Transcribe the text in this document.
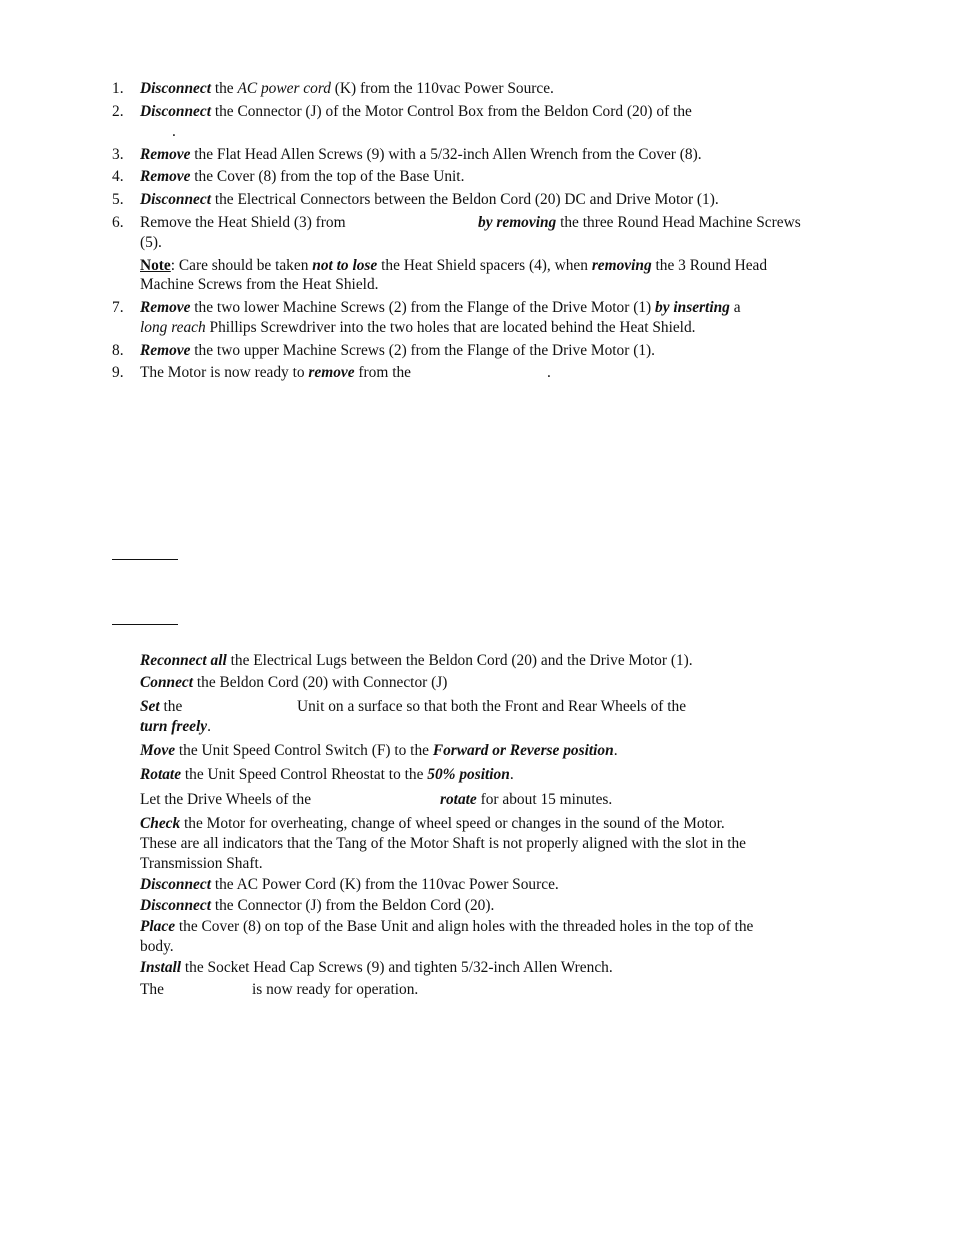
1.	Disconnect the AC power cord (K) from the 110vac Power Source.
2.	Disconnect the Connector (J) of the Motor Control Box from the Beldon Cord (20) of the
.
3.	Remove the Flat Head Allen Screws (9) with a 5/32-inch Allen Wrench from the Cover (8).
4.	Remove the Cover (8) from the top of the Base Unit.
5.	Disconnect the Electrical Connectors between the Beldon Cord (20) DC and Drive Motor (1).
6.	Remove the Heat Shield (3) from	by removing the three Round Head Machine Screws
(5).
Note: Care should be taken not to lose the Heat Shield spacers (4), when removing the 3 Round Head
Machine Screws from the Heat Shield.
7.	Remove the two lower Machine Screws (2) from the Flange of the Drive Motor (1) by inserting a
long reach Phillips Screwdriver into the two holes that are located behind the Heat Shield.
8.	Remove the two upper Machine Screws (2) from the Flange of the Drive Motor (1).
9.	The Motor is now ready to remove from the	.
Reconnect all the Electrical Lugs between the Beldon Cord (20) and the Drive Motor (1).
Connect the Beldon Cord (20) with Connector (J)
Set the	Unit on a surface so that both the Front and Rear Wheels of the
turn freely.
Move the Unit Speed Control Switch (F) to the Forward or Reverse position.
Rotate the Unit Speed Control Rheostat to the 50% position.
Let the Drive Wheels of the	rotate for about 15 minutes.
Check the Motor for overheating, change of wheel speed or changes in the sound of the Motor.
These are all indicators that the Tang of the Motor Shaft is not properly aligned with the slot in the
Transmission Shaft.
Disconnect the AC Power Cord (K) from the 110vac Power Source.
Disconnect the Connector (J) from the Beldon Cord (20).
Place the Cover (8) on top of the Base Unit and align holes with the threaded holes in the top of the
body.
Install the Socket Head Cap Screws (9) and tighten 5/32-inch Allen Wrench.
The	is now ready for operation.
